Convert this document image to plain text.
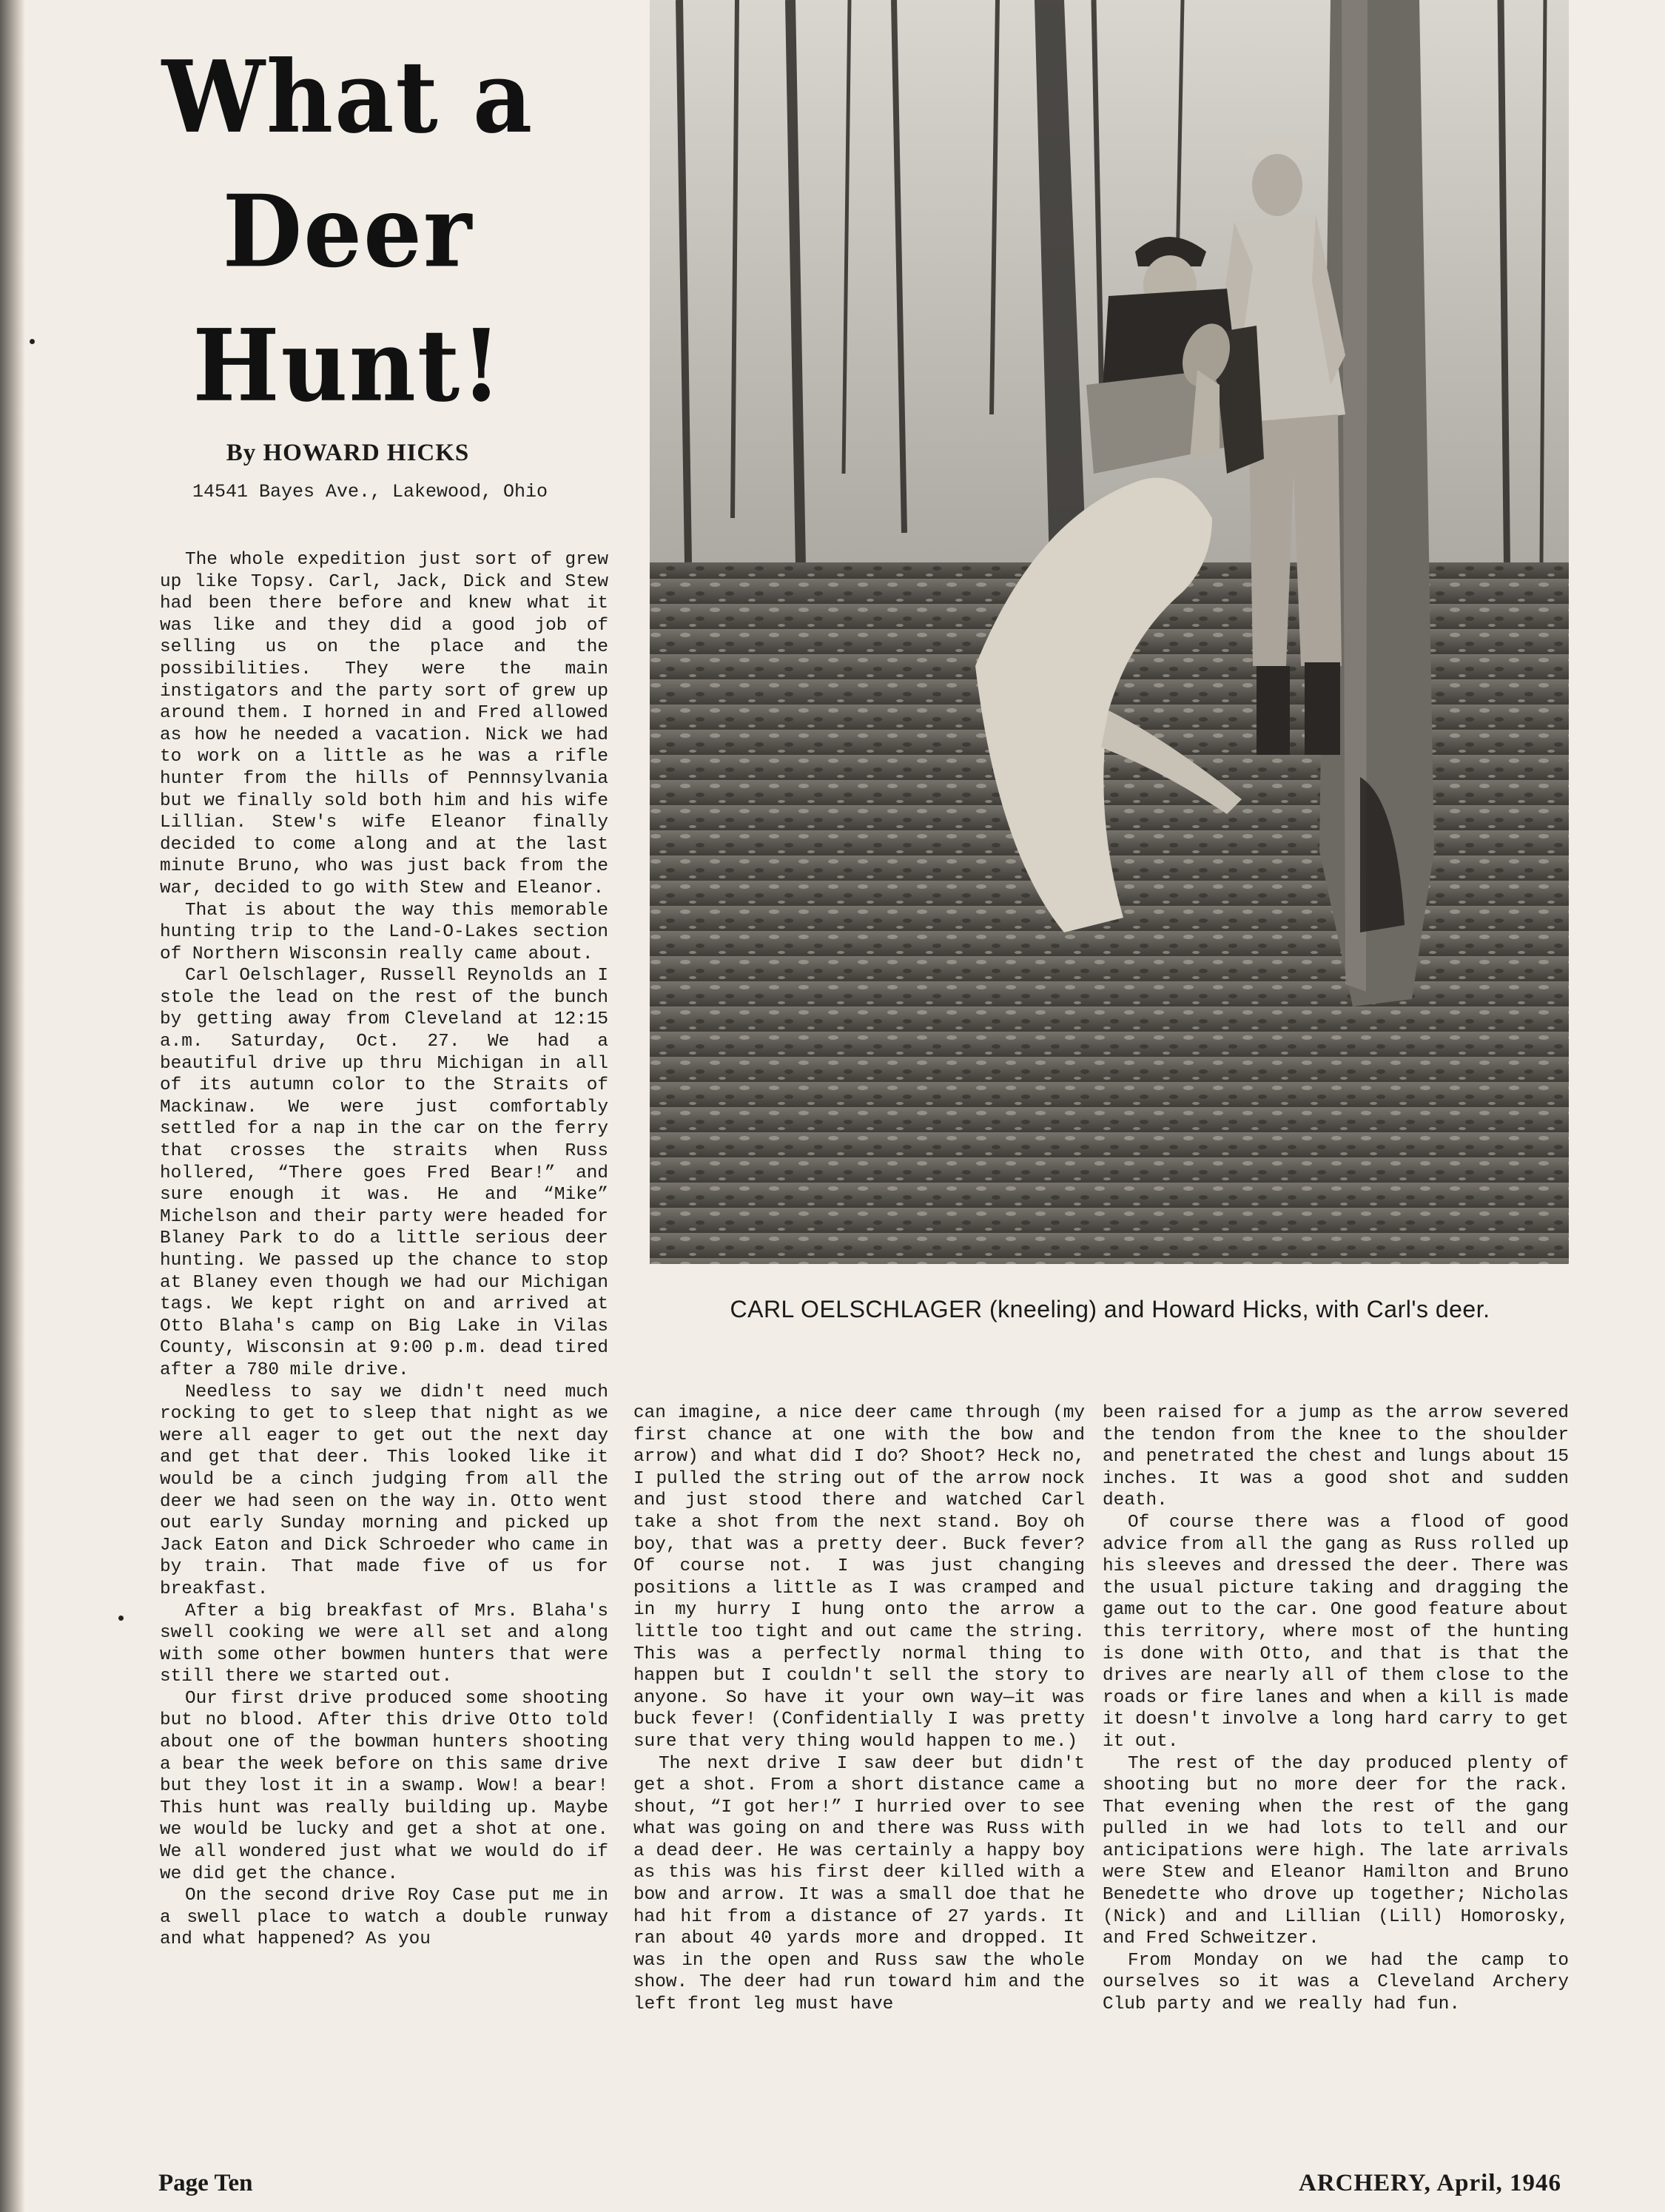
What a
Deer
Hunt!
By HOWARD HICKS
14541 Bayes Ave., Lakewood, Ohio
CARL OELSCHLAGER (kneeling) and Howard Hicks, with Carl's deer.

The whole expedition just sort of grew up like Topsy. Carl, Jack, Dick and Stew had been there before and knew what it was like and they did a good job of selling us on the place and the possibilities. They were the main instigators and the party sort of grew up around them. I horned in and Fred allowed as how he needed a vacation. Nick we had to work on a little as he was a rifle hunter from the hills of Pennnsylvania but we finally sold both him and his wife Lillian. Stew's wife Eleanor finally decided to come along and at the last minute Bruno, who was just back from the war, decided to go with Stew and Eleanor.

That is about the way this memorable hunting trip to the Land-O-Lakes section of Northern Wisconsin really came about.

Carl Oelschlager, Russell Reynolds an I stole the lead on the rest of the bunch by getting away from Cleveland at 12:15 a.m. Saturday, Oct. 27. We had a beautiful drive up thru Michigan in all of its autumn color to the Straits of Mackinaw. We were just comfortably settled for a nap in the car on the ferry that crosses the straits when Russ hollered, “There goes Fred Bear!” and sure enough it was. He and “Mike” Michelson and their party were headed for Blaney Park to do a little serious deer hunting. We passed up the chance to stop at Blaney even though we had our Michigan tags. We kept right on and arrived at Otto Blaha's camp on Big Lake in Vilas County, Wisconsin at 9:00 p.m. dead tired after a 780 mile drive.

Needless to say we didn't need much rocking to get to sleep that night as we were all eager to get out the next day and get that deer. This looked like it would be a cinch judging from all the deer we had seen on the way in. Otto went out early Sunday morning and picked up Jack Eaton and Dick Schroeder who came in by train. That made five of us for breakfast.

After a big breakfast of Mrs. Blaha's swell cooking we were all set and along with some other bowmen hunters that were still there we started out.

Our first drive produced some shooting but no blood. After this drive Otto told about one of the bowman hunters shooting a bear the week before on this same drive but they lost it in a swamp. Wow! a bear! This hunt was really building up. Maybe we would be lucky and get a shot at one. We all wondered just what we would do if we did get the chance.

On the second drive Roy Case put me in a swell place to watch a double runway and what happened? As you

can imagine, a nice deer came through (my first chance at one with the bow and arrow) and what did I do? Shoot? Heck no, I pulled the string out of the arrow nock and just stood there and watched Carl take a shot from the next stand. Boy oh boy, that was a pretty deer. Buck fever? Of course not. I was just changing positions a little as I was cramped and in my hurry I hung onto the arrow a little too tight and out came the string. This was a perfectly normal thing to happen but I couldn't sell the story to anyone. So have it your own way—it was buck fever! (Confidentially I was pretty sure that very thing would happen to me.)

The next drive I saw deer but didn't get a shot. From a short distance came a shout, “I got her!” I hurried over to see what was going on and there was Russ with a dead deer. He was certainly a happy boy as this was his first deer killed with a bow and arrow. It was a small doe that he had hit from a distance of 27 yards. It ran about 40 yards more and dropped. It was in the open and Russ saw the whole show. The deer had run toward him and the left front leg must have

been raised for a jump as the arrow severed the tendon from the knee to the shoulder and penetrated the chest and lungs about 15 inches. It was a good shot and sudden death.

Of course there was a flood of good advice from all the gang as Russ rolled up his sleeves and dressed the deer. There was the usual picture taking and dragging the game out to the car. One good feature about this territory, where most of the hunting is done with Otto, and that is that the drives are nearly all of them close to the roads or fire lanes and when a kill is made it doesn't involve a long hard carry to get it out.

The rest of the day produced plenty of shooting but no more deer for the rack. That evening when the rest of the gang pulled in we had lots to tell and our anticipations were high. The late arrivals were Stew and Eleanor Hamilton and Bruno Benedette who drove up together; Nicholas (Nick) and and Lillian (Lill) Homorosky, and Fred Schweitzer.

From Monday on we had the camp to ourselves so it was a Cleveland Archery Club party and we really had fun.

Page Ten	ARCHERY, April, 1946
